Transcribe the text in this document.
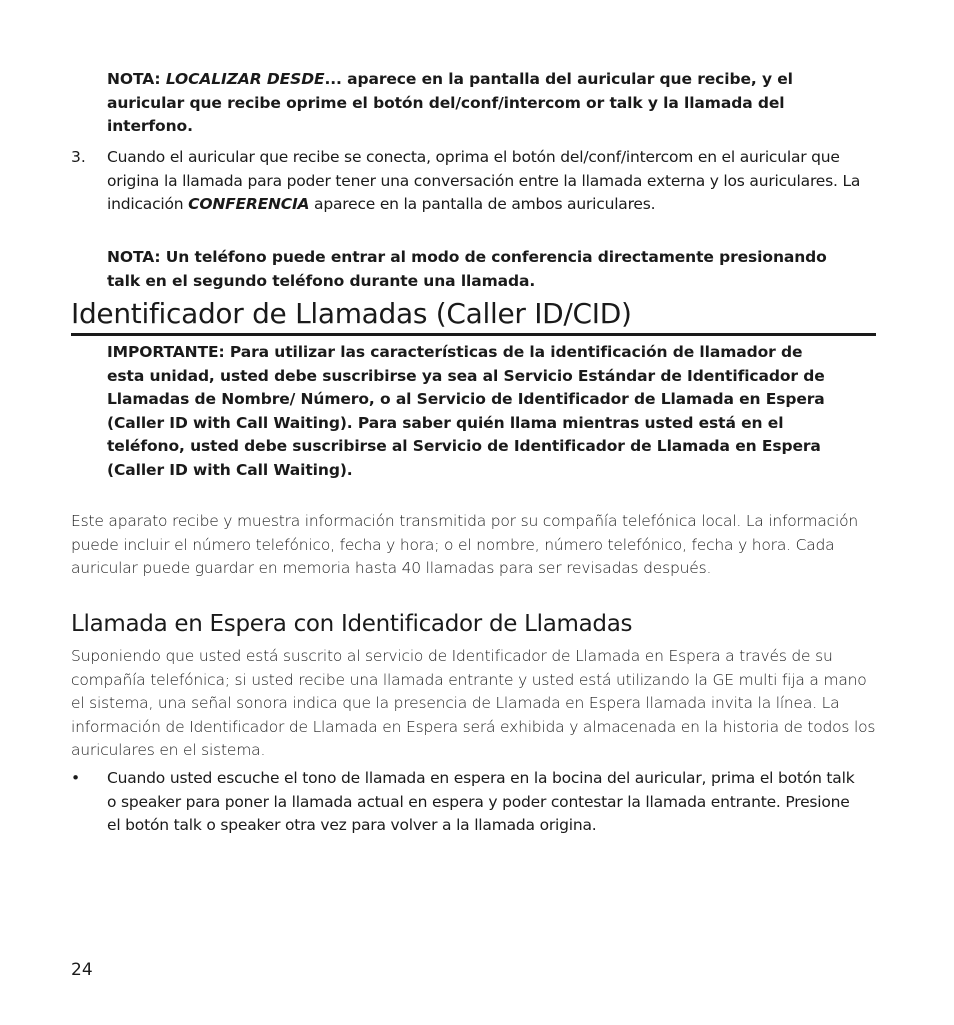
NOTA: LOCALIZAR DESDE... aparece en la pantalla del auricular que recibe, y el auricular que recibe oprime el botón del/conf/intercom or talk y la llamada del interfono.
3. Cuando el auricular que recibe se conecta, oprima el botón del/conf/intercom en el auricular que origina la llamada para poder tener una conversación entre la llamada externa y los auriculares. La indicación CONFERENCIA aparece en la pantalla de ambos auriculares.
NOTA: Un teléfono puede entrar al modo de conferencia directamente presionando talk en el segundo teléfono durante una llamada.
Identificador de Llamadas (Caller ID/CID)
IMPORTANTE: Para utilizar las características de la identificación de llamador de esta unidad, usted debe suscribirse ya sea al Servicio Estándar de Identificador de Llamadas de Nombre/ Número, o al Servicio de Identificador de Llamada en Espera (Caller ID with Call Waiting). Para saber quién llama mientras usted está en el teléfono, usted debe suscribirse al Servicio de Identificador de Llamada en Espera (Caller ID with Call Waiting).
Este aparato recibe y muestra información transmitida por su compañía telefónica local. La información puede incluir el número telefónico, fecha y hora; o el nombre, número telefónico, fecha y hora. Cada auricular puede guardar en memoria hasta 40 llamadas para ser revisadas después.
Llamada en Espera con Identificador de Llamadas
Suponiendo que usted está suscrito al servicio de Identificador de Llamada en Espera a través de su compañía telefónica; si usted recibe una llamada entrante y usted está utilizando la GE multi fija a mano el sistema, una señal sonora indica que la presencia de Llamada en Espera llamada invita la línea. La información de Identificador de Llamada en Espera será exhibida y almacenada en la historia de todos los auriculares en el sistema.
• Cuando usted escuche el tono de llamada en espera en la bocina del auricular, prima el botón talk o speaker para poner la llamada actual en espera y poder contestar la llamada entrante. Presione el botón talk o speaker otra vez para volver a la llamada origina.
24
